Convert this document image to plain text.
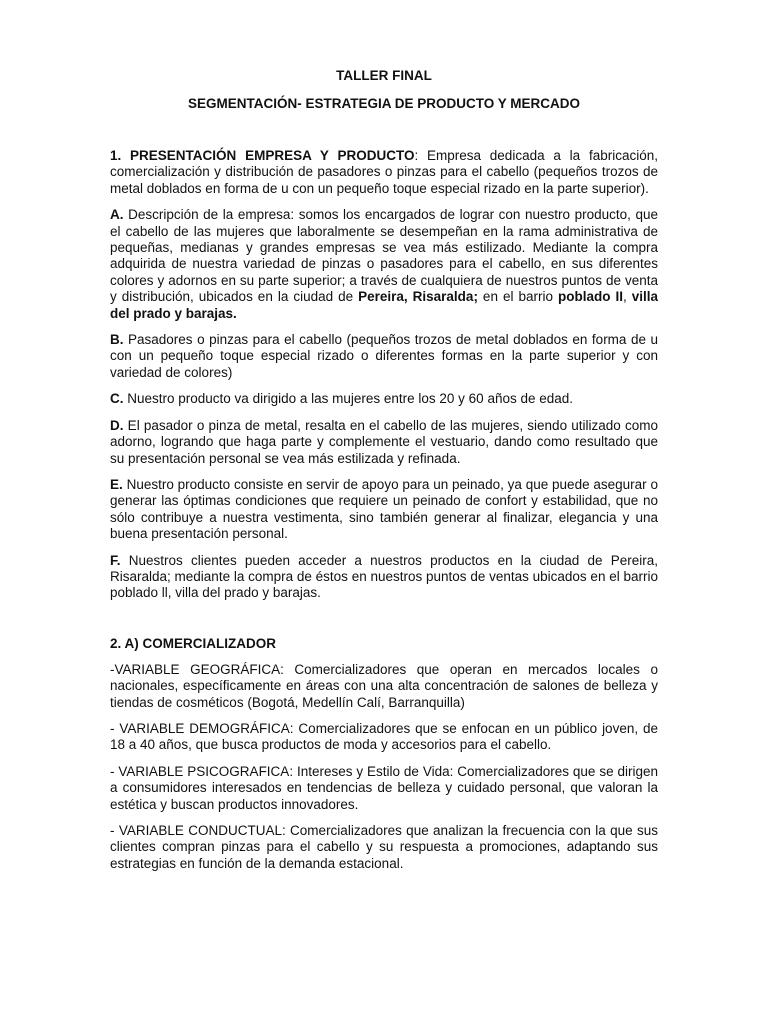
TALLER FINAL
SEGMENTACIÓN- ESTRATEGIA DE PRODUCTO Y MERCADO

1. PRESENTACIÓN EMPRESA Y PRODUCTO: Empresa dedicada a la fabricación, comercialización y distribución de pasadores o pinzas para el cabello (pequeños trozos de metal doblados en forma de u con un pequeño toque especial rizado en la parte superior).

A. Descripción de la empresa: somos los encargados de lograr con nuestro producto, que el cabello de las mujeres que laboralmente se desempeñan en la rama administrativa de pequeñas, medianas y grandes empresas se vea más estilizado. Mediante la compra adquirida de nuestra variedad de pinzas o pasadores para el cabello, en sus diferentes colores y adornos en su parte superior; a través de cualquiera de nuestros puntos de venta y distribución, ubicados en la ciudad de Pereira, Risaralda; en el barrio poblado II, villa del prado y barajas.

B. Pasadores o pinzas para el cabello (pequeños trozos de metal doblados en forma de u con un pequeño toque especial rizado o diferentes formas en la parte superior y con variedad de colores)

C. Nuestro producto va dirigido a las mujeres entre los 20 y 60 años de edad.

D. El pasador o pinza de metal, resalta en el cabello de las mujeres, siendo utilizado como adorno, logrando que haga parte y complemente el vestuario, dando como resultado que su presentación personal se vea más estilizada y refinada.

E. Nuestro producto consiste en servir de apoyo para un peinado, ya que puede asegurar o generar las óptimas condiciones que requiere un peinado de confort y estabilidad, que no sólo contribuye a nuestra vestimenta, sino también generar al finalizar, elegancia y una buena presentación personal.

F. Nuestros clientes pueden acceder a nuestros productos en la ciudad de Pereira, Risaralda; mediante la compra de éstos en nuestros puntos de ventas ubicados en el barrio poblado ll, villa del prado y barajas.

2. A) COMERCIALIZADOR

-VARIABLE GEOGRÁFICA: Comercializadores que operan en mercados locales o nacionales, específicamente en áreas con una alta concentración de salones de belleza y tiendas de cosméticos (Bogotá, Medellín Calí, Barranquilla)

- VARIABLE DEMOGRÁFICA: Comercializadores que se enfocan en un público joven, de 18 a 40 años, que busca productos de moda y accesorios para el cabello.

- VARIABLE PSICOGRAFICA: Intereses y Estilo de Vida: Comercializadores que se dirigen a consumidores interesados en tendencias de belleza y cuidado personal, que valoran la estética y buscan productos innovadores.

- VARIABLE CONDUCTUAL: Comercializadores que analizan la frecuencia con la que sus clientes compran pinzas para el cabello y su respuesta a promociones, adaptando sus estrategias en función de la demanda estacional.
